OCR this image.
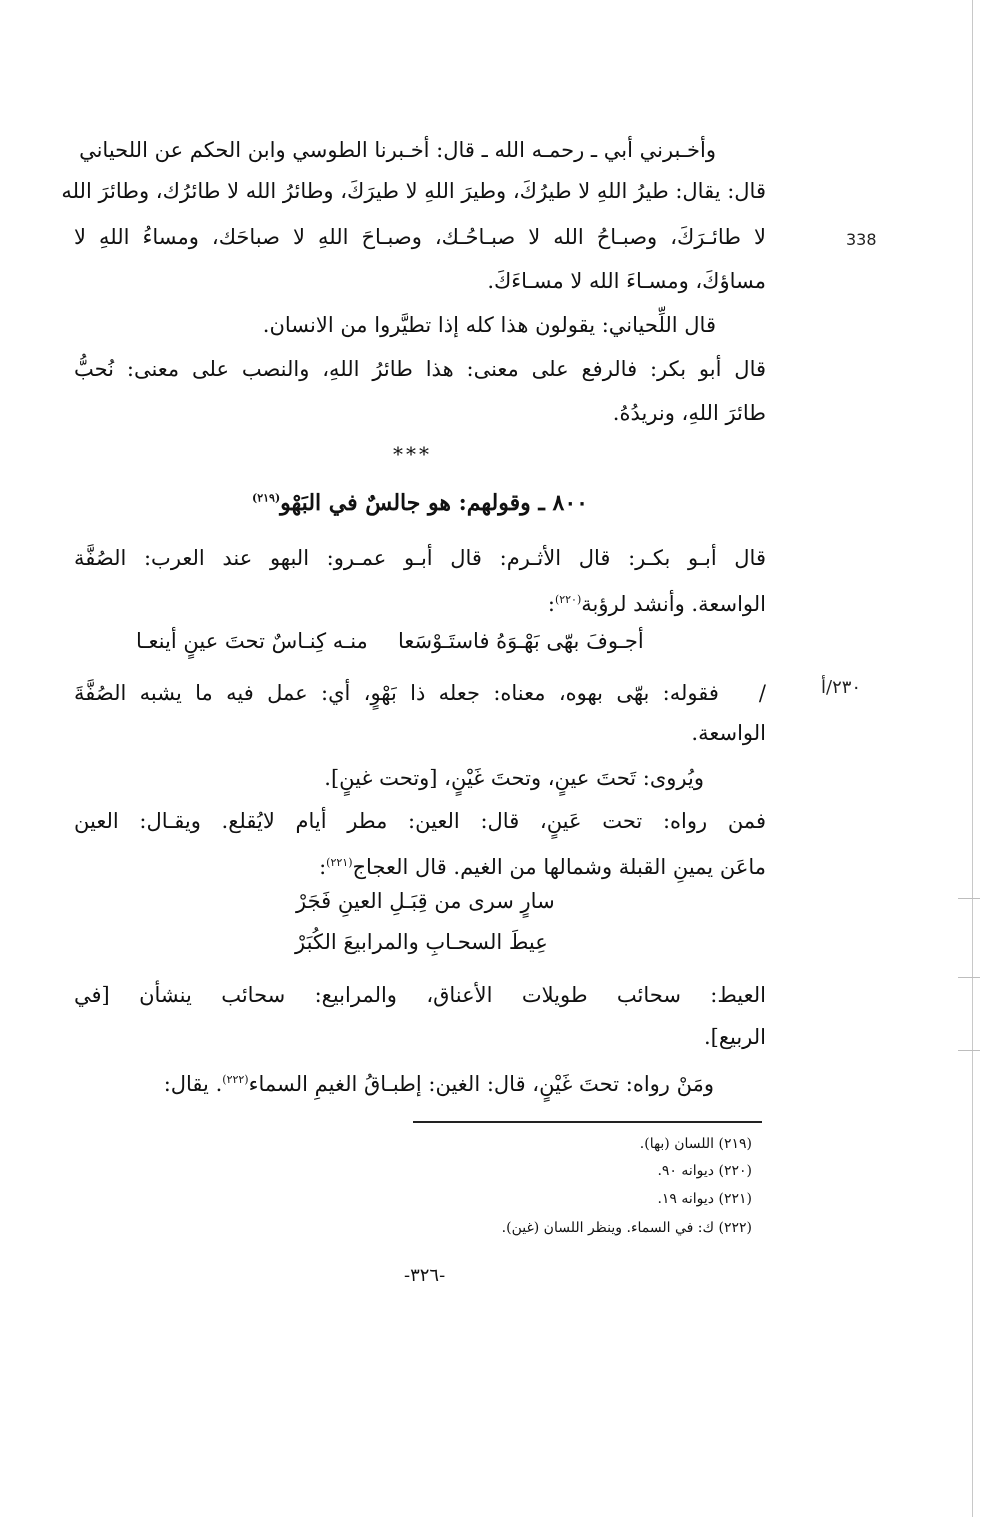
338
٢٣٠/أ
وأخـبرني أبي ـ رحمـه الله ـ قال: أخـبرنا الطوسي وابن الحكم عن اللحياني
قال: يقال: طيرُ اللهِ لا طيرُكَ، وطيرَ اللهِ لا طيرَكَ، وطائرُ الله لا طائرُك، وطائرَ الله
لا طائـرَكَ، وصبـاحُ الله لا صبـاحُـك، وصبـاحَ اللهِ لا صباحَك، ومساءُ اللهِ لا
مساؤكَ، ومسـاءَ الله لا مسـاءَكَ.
قال اللِّحياني: يقولون هذا كله إذا تطيَّروا من الانسان.
قال أبو بكر: فالرفع على معنى: هذا طائرُ اللهِ، والنصب على معنى: نُحبُّ
طائرَ اللهِ، ونريدُهُ.
قال أبـو بكـر: قال الأثـرم: قال أبـو عمـرو: البهو عند العرب: الصُفَّة
الواسعة. وأنشد لرؤبة$^{(٢٢٠)}$:
/   فقوله: بهّى بهوه، معناه: جعله ذا بَهْوٍ، أي: عمل فيه ما يشبه الصُفَّةَ
الواسعة.
ويُروى: تَحتَ عينٍ، وتحتَ غَيْنٍ، [وتحت غينٍ].
فمن رواه: تحت عَينٍ، قال: العين: مطر أيام لايُقلع. ويقـال: العين
ماعَن يمينِ القبلة وشمالها من الغيم. قال العجاج$^{(٢٢١)}$:
العيط: سحائب طويلات الأعناق، والمرابيع: سحائب ينشأن [في
الربيع].
ومَنْ رواه: تحتَ غَيْنٍ، قال: الغين: إطبـاقُ الغيمِ السماء$^{(٢٢٢)}$. يقال:
***
٨٠٠ ـ وقولهم: هو جالسٌ في البَهْو$^{(٢١٩)}$
أجـوفَ بهّى بَهْـوَهُ فاستَـوْسَعا
منـه كِنـاسٌ تحتَ عينٍ أينعـا
سارٍ سرى من قِبَـلِ العينِ فَجَرْ
عِيطَ السحـابِ والمرابيعَ الكُبَرْ
(٢١٩) اللسان (بها).
(٢٢٠) ديوانه ٩٠.
(٢٢١) ديوانه ١٩.
(٢٢٢) ك: في السماء. وينظر اللسان (غين).
-٣٢٦-
